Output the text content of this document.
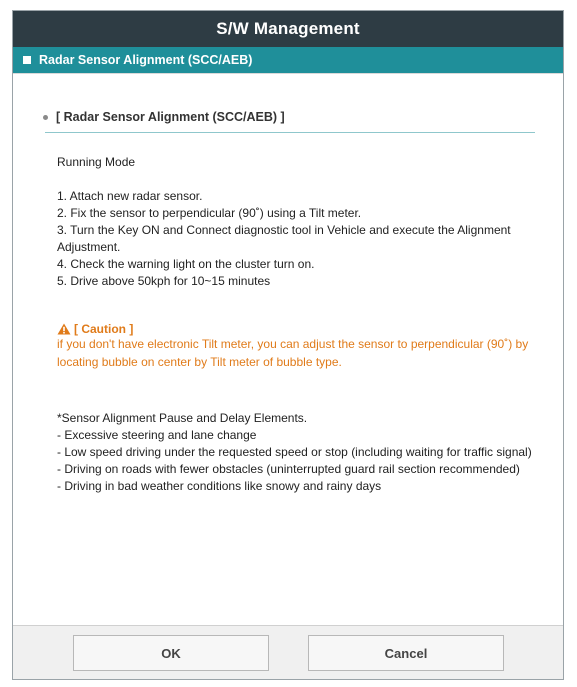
S/W Management
Radar Sensor Alignment (SCC/AEB)
[ Radar Sensor Alignment (SCC/AEB) ]
Running Mode
1. Attach new radar sensor.
2. Fix the sensor to perpendicular (90˚) using a Tilt meter.
3. Turn the Key ON and Connect diagnostic tool in Vehicle and execute the Alignment Adjustment.
4. Check the warning light on the cluster turn on.
5. Drive above 50kph for 10~15 minutes
[ Caution ]
if you don't have electronic Tilt meter, you can adjust the sensor to perpendicular (90˚) by locating bubble on center by Tilt meter of bubble type.
*Sensor Alignment Pause and Delay Elements.
- Excessive steering and lane change
- Low speed driving under the requested speed or stop (including waiting for traffic signal)
- Driving on roads with fewer obstacles (uninterrupted guard rail section recommended)
- Driving in bad weather conditions like snowy and rainy days
OK	Cancel
